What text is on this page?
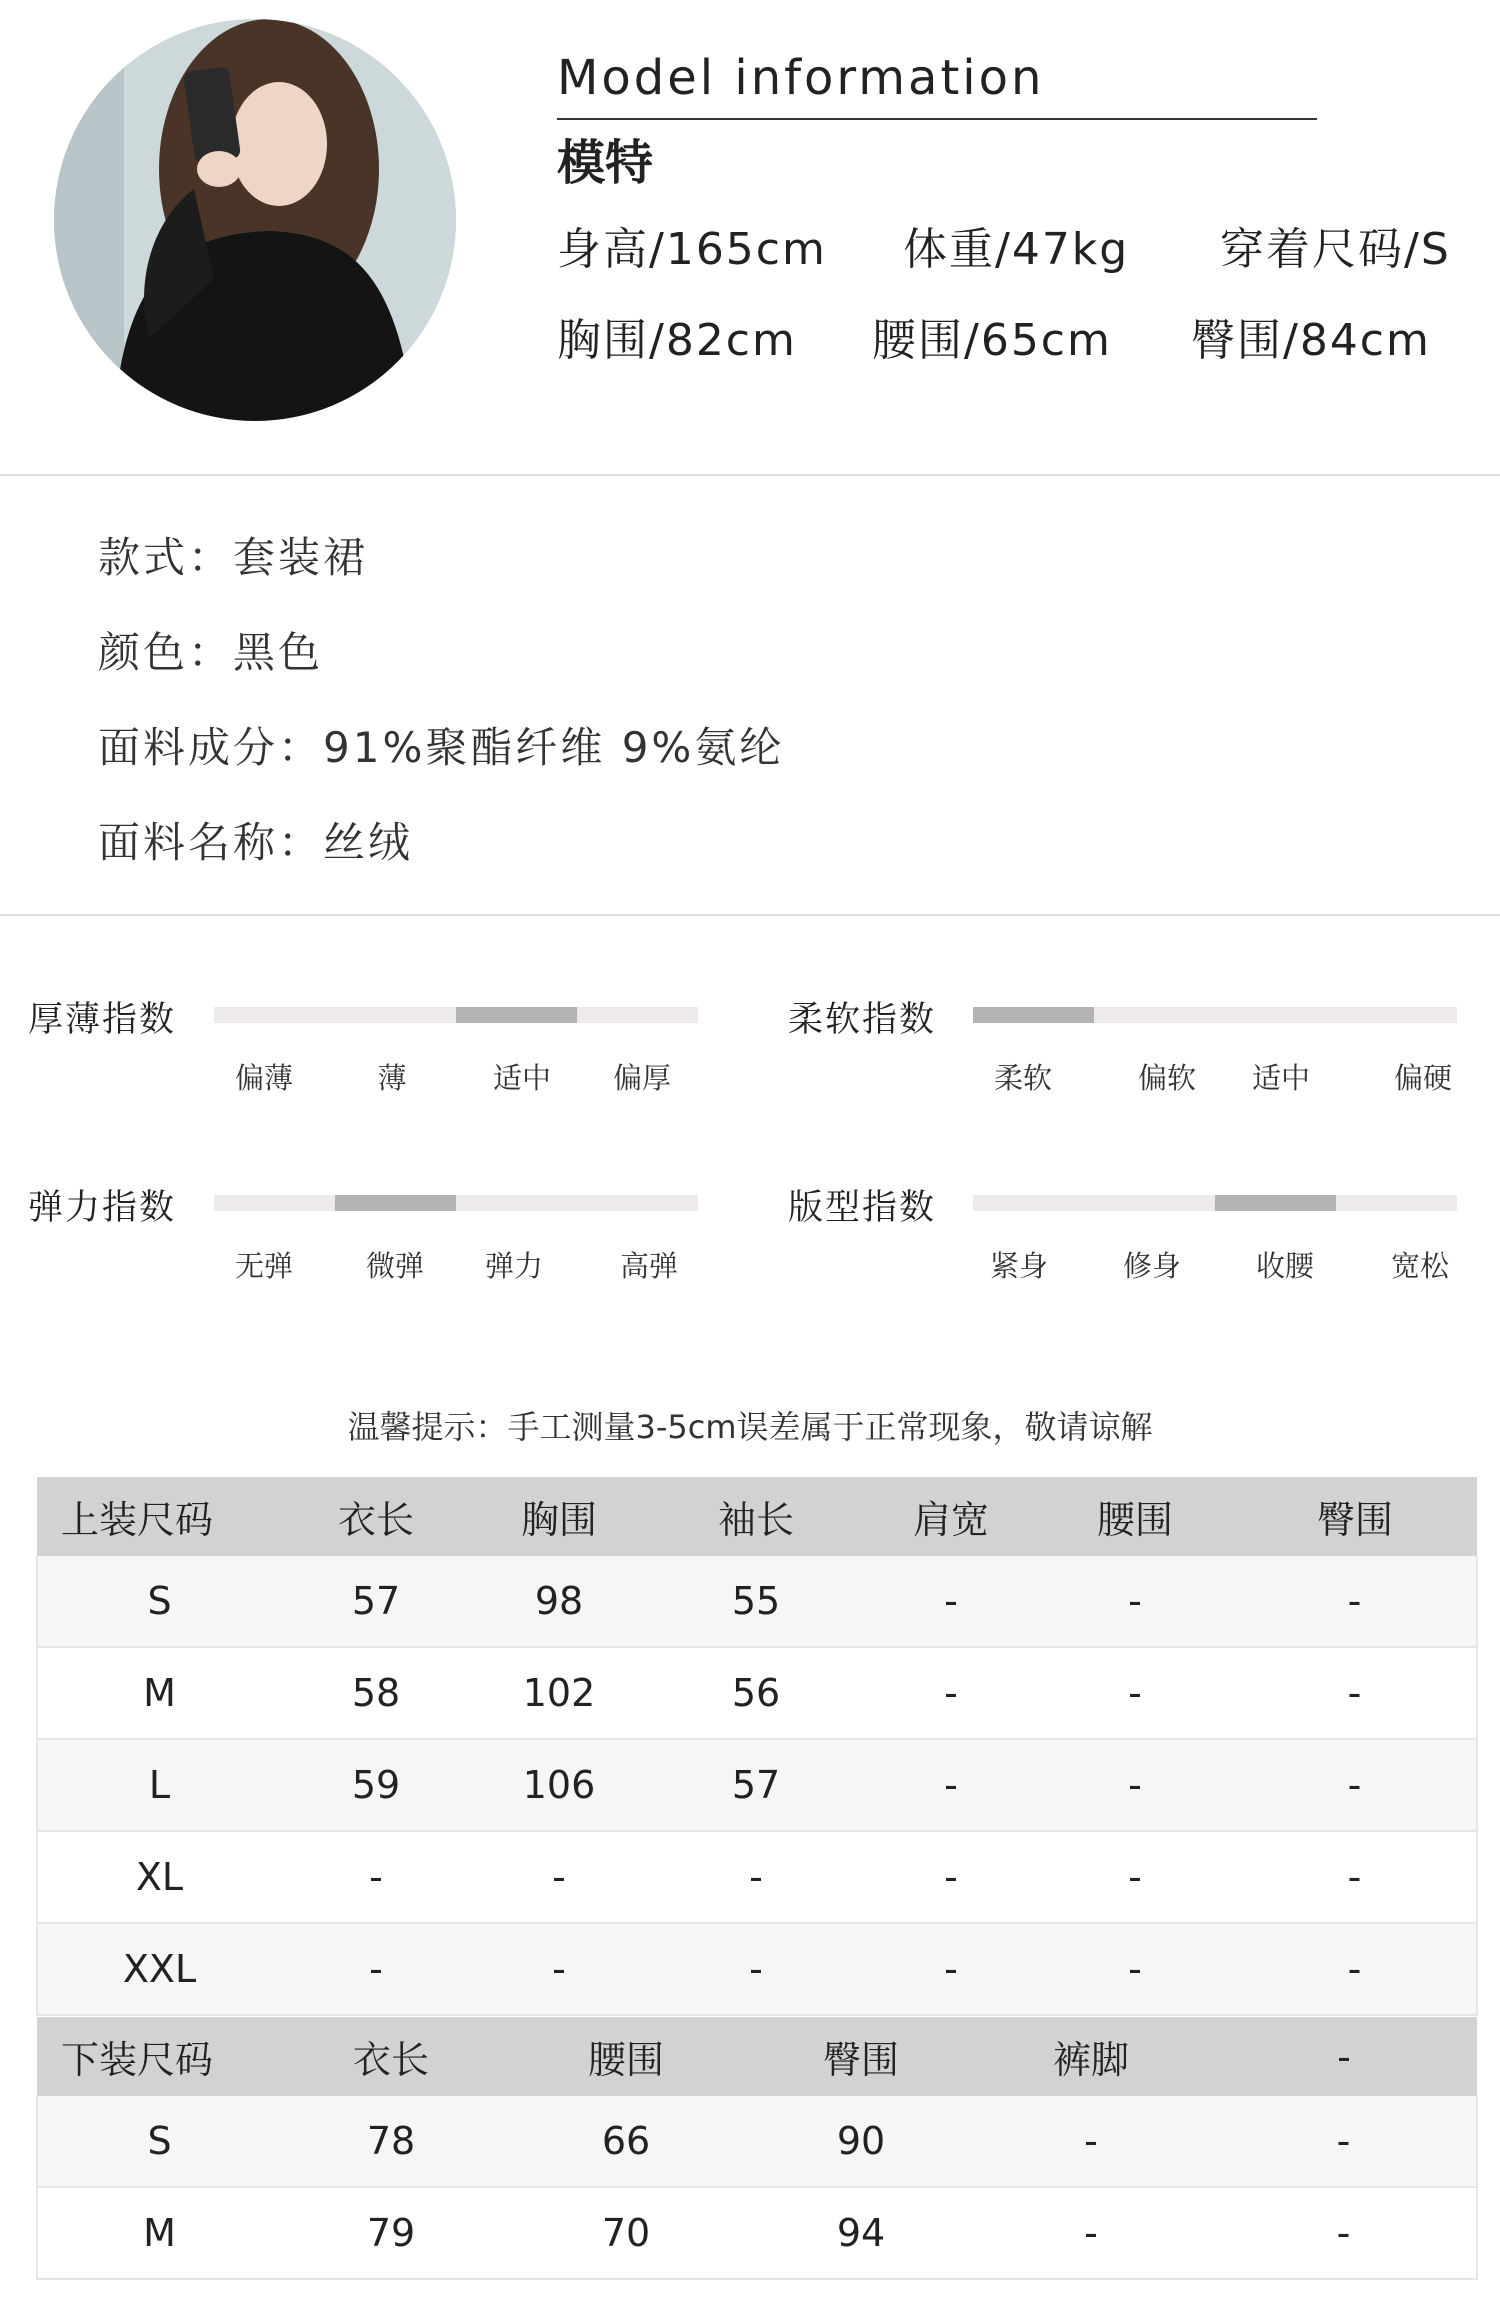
Model information
模特
身高/165cm 体重/47kg 穿着尺码/S
胸围/82cm 腰围/65cm 臀围/84cm
款式：套装裙
颜色：黑色
面料成分：91%聚酯纤维 9%氨纶
面料名称：丝绒
厚薄指数
偏薄	薄	适中 偏厚
柔软指数
柔软	偏软 适中	偏硬
弹力指数
无弹	微弹 弹力	高弹
版型指数
紧身	修身	收腰	宽松
温馨提示：手工测量3-5cm误差属于正常现象，敬请谅解
上装尺码	衣长	胸围	袖长	肩宽	腰围	臀围
S	57	98	55	-	-	-
M	58	102	56	-	-	-
L	59	106	57	-	-	-
XL	-	-	-	-	-	-
XXL	-	-	-	-	-	-
下装尺码	衣长	腰围	臀围	裤脚	-
S	78	66	90	-	-
M	79	70	94	-	-
